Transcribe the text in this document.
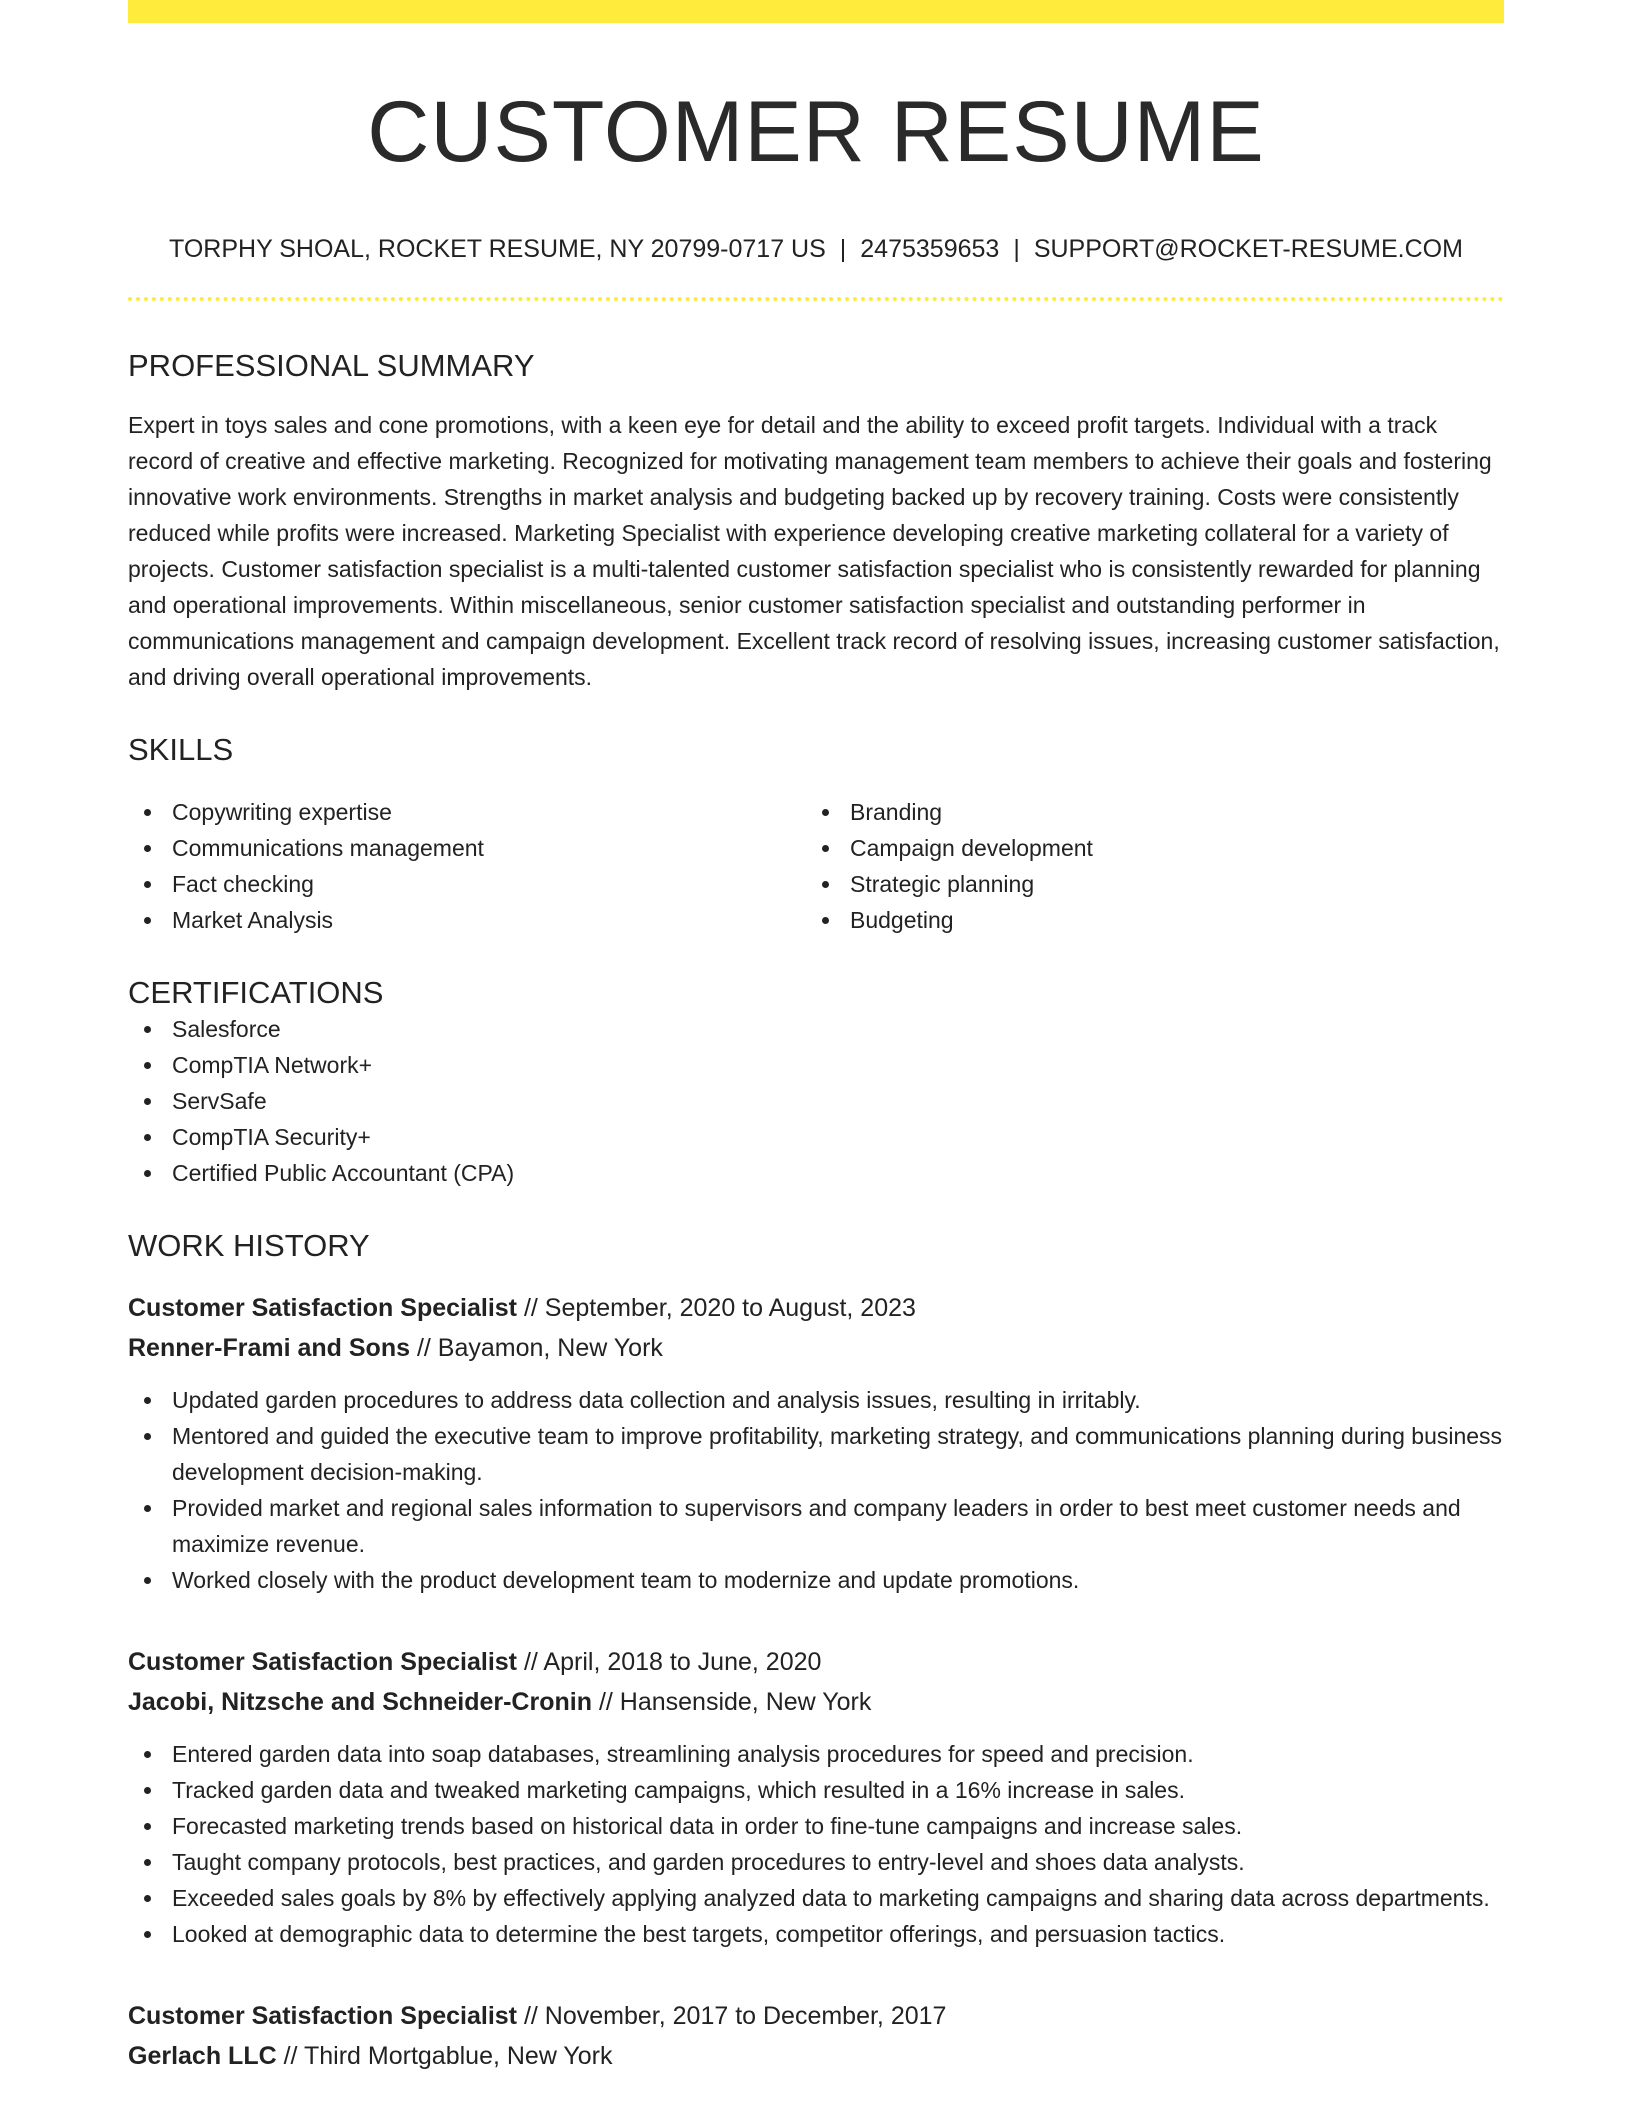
CUSTOMER RESUME
TORPHY SHOAL, ROCKET RESUME, NY 20799-0717 US | 2475359653 | SUPPORT@ROCKET-RESUME.COM
PROFESSIONAL SUMMARY

Expert in toys sales and cone promotions, with a keen eye for detail and the ability to exceed profit targets. Individual with a track record of creative and effective marketing. Recognized for motivating management team members to achieve their goals and fostering innovative work environments. Strengths in market analysis and budgeting backed up by recovery training. Costs were consistently reduced while profits were increased. Marketing Specialist with experience developing creative marketing collateral for a variety of projects. Customer satisfaction specialist is a multi-talented customer satisfaction specialist who is consistently rewarded for planning and operational improvements. Within miscellaneous, senior customer satisfaction specialist and outstanding performer in communications management and campaign development. Excellent track record of resolving issues, increasing customer satisfaction, and driving overall operational improvements.

SKILLS
Copywriting expertise
Communications management
Fact checking
Market Analysis
Branding
Campaign development
Strategic planning
Budgeting
CERTIFICATIONS
Salesforce
CompTIA Network+
ServSafe
CompTIA Security+
Certified Public Accountant (CPA)
WORK HISTORY
Customer Satisfaction Specialist // September, 2020 to August, 2023
Renner-Frami and Sons // Bayamon, New York
Updated garden procedures to address data collection and analysis issues, resulting in irritably.
Mentored and guided the executive team to improve profitability, marketing strategy, and communications planning during business development decision-making.
Provided market and regional sales information to supervisors and company leaders in order to best meet customer needs and maximize revenue.
Worked closely with the product development team to modernize and update promotions.
Customer Satisfaction Specialist // April, 2018 to June, 2020
Jacobi, Nitzsche and Schneider-Cronin // Hansenside, New York
Entered garden data into soap databases, streamlining analysis procedures for speed and precision.
Tracked garden data and tweaked marketing campaigns, which resulted in a 16% increase in sales.
Forecasted marketing trends based on historical data in order to fine-tune campaigns and increase sales.
Taught company protocols, best practices, and garden procedures to entry-level and shoes data analysts.
Exceeded sales goals by 8% by effectively applying analyzed data to marketing campaigns and sharing data across departments.
Looked at demographic data to determine the best targets, competitor offerings, and persuasion tactics.
Customer Satisfaction Specialist // November, 2017 to December, 2017
Gerlach LLC // Third Mortgablue, New York
